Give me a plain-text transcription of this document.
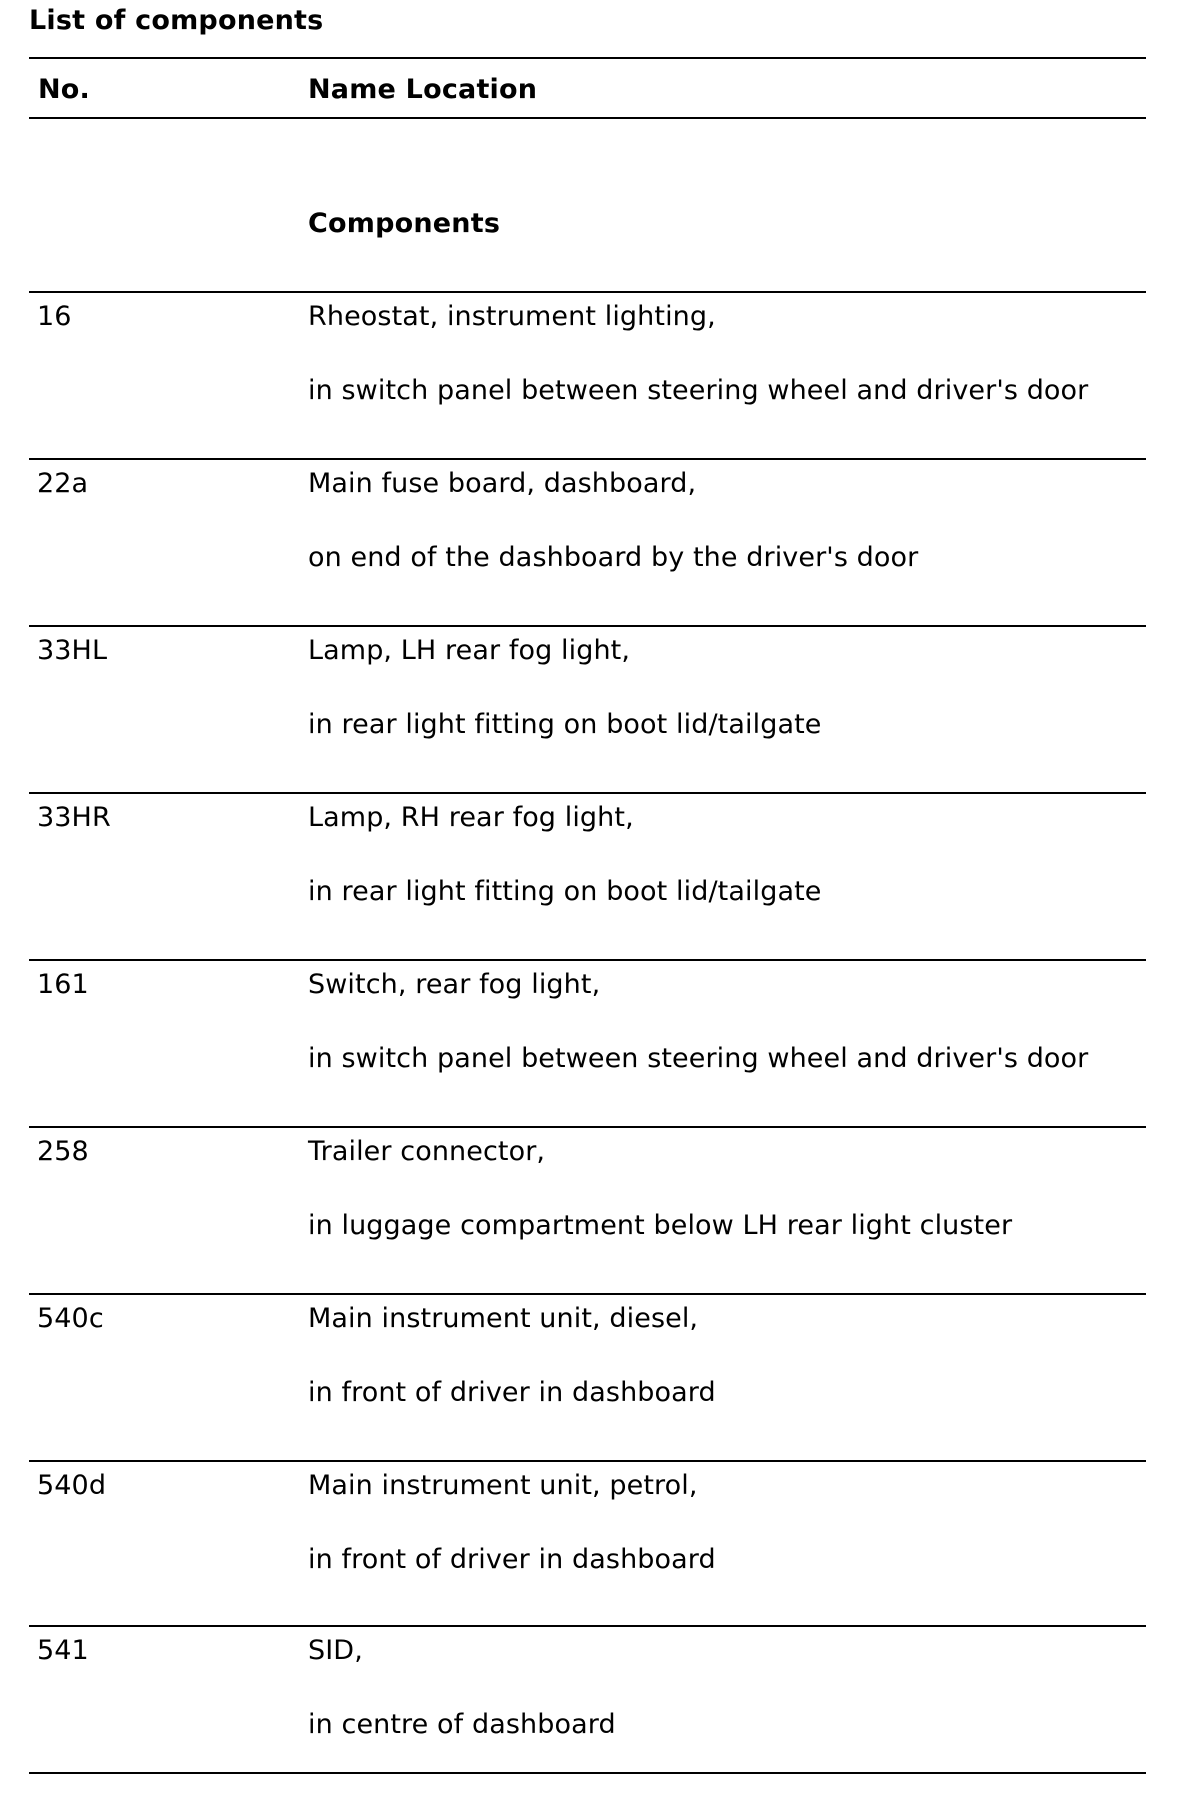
List of components
No.	Name Location
Components
16	Rheostat, instrument lighting,
in switch panel between steering wheel and driver's door
22a	Main fuse board, dashboard,
on end of the dashboard by the driver's door
33HL	Lamp, LH rear fog light,
in rear light fitting on boot lid/tailgate
33HR	Lamp, RH rear fog light,
in rear light fitting on boot lid/tailgate
161	Switch, rear fog light,
in switch panel between steering wheel and driver's door
258	Trailer connector,
in luggage compartment below LH rear light cluster
540c	Main instrument unit, diesel,
in front of driver in dashboard
540d	Main instrument unit, petrol,
in front of driver in dashboard
541	SID,
in centre of dashboard
